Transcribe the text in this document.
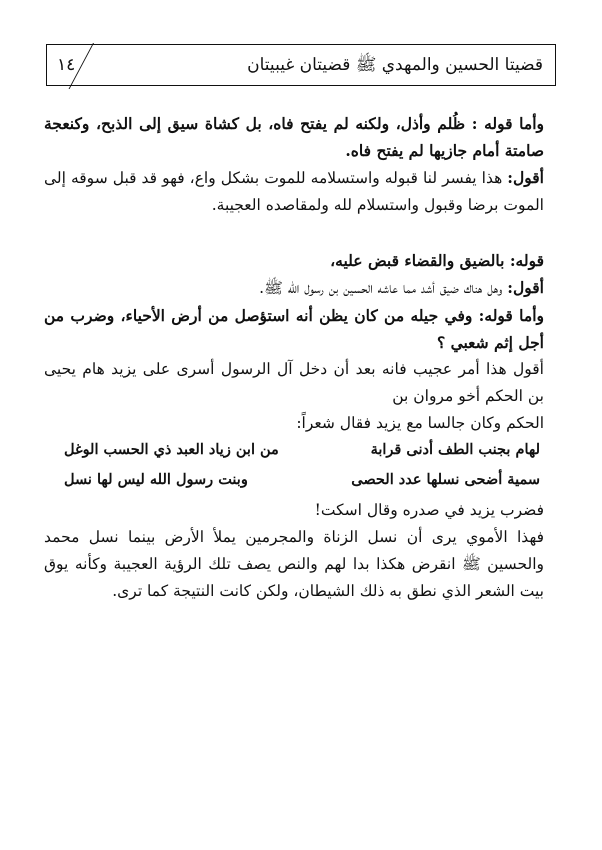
قضيتا الحسين والمهدي ﷺ قضيتان غيبيتان
١٤

وأما قوله : ظُلم وأذل، ولكنه لم يفتح فاه، بل كشاة سيق إلى الذبح، وكنعجة صامتة أمام جازيها لم يفتح فاه.

أقول: هذا يفسر لنا قبوله واستسلامه للموت بشكل واع، فهو قد قبل سوقه إلى الموت برضا وقبول واستسلام لله ولمقاصده العجيبة.

قوله: بالضيق والقضاء قبض عليه،

أقول: وهل هناك ضيق أشد مما عاشه الحسين بن رسول الله ﷺ.

وأما قوله: وفي جيله من كان يظن أنه استؤصل من أرض الأحياء، وضرب من أجل إثم شعبي ؟

أقول هذا أمر عجيب فانه بعد أن دخل آل الرسول أسرى على يزيد هام يحيى بن الحكم أخو مروان بن

الحكم وكان جالسا مع يزيد فقال شعراً:

لهام بجنب الطف أدنى قرابة
من ابن زياد العبد ذي الحسب الوغل
سمية أضحى نسلها عدد الحصى
وبنت رسول الله ليس لها نسل

فضرب يزيد في صدره وقال اسكت!

فهذا الأموي يرى أن نسل الزناة والمجرمين يملأ الأرض بينما نسل محمد والحسين ﷺ انقرض هكذا بدا لهم والنص يصف تلك الرؤية العجيبة وكأنه يوق بيت الشعر الذي نطق به ذلك الشيطان، ولكن كانت النتيجة كما ترى.
